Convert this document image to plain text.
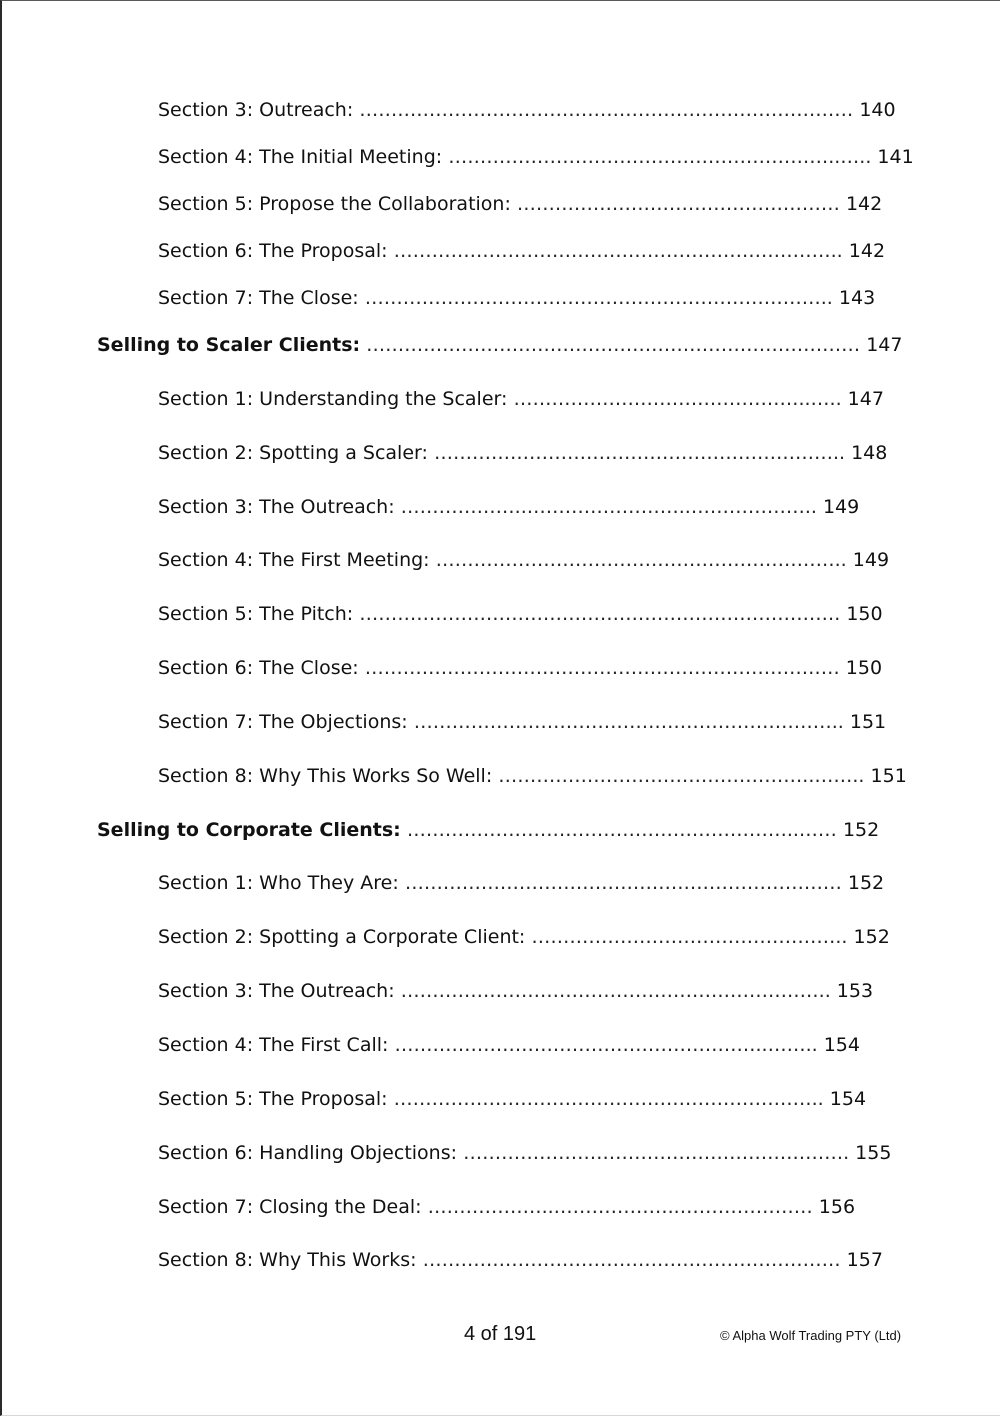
Section 3: Outreach: …………………………………………………………………… 140
Section 4: The Initial Meeting: ……………………………………………………..….. 141
Section 5: Propose the Collaboration: …………………………………………… 142
Section 6: The Proposal: …………………………………………………………….. 142
Section 7: The Close: ……………………………………………………………….. 143
Selling to Scaler Clients: …………………………………………………………………… 147
Section 1: Understanding the Scaler: ………………………………………..….. 147
Section 2: Spotting a Scaler: ……………………………………………………….. 148
Section 3: The Outreach: ………………..……………………..……………….. 149
Section 4: The First Meeting: ……………………………………………………….. 149
Section 5: The Pitch: …………………………………………………………………. 150
Section 6: The Close: ………………………………………………………………… 150
Section 7: The Objections: ………………………………………………………….. 151
Section 8: Why This Works So Well: …………………………………………..…….. 151
Selling to Corporate Clients: ……………………………………………………..…… 152
Section 1: Who They Are: …………………………………………………………… 152
Section 2: Spotting a Corporate Client: ………………………………………….. 152
Section 3: The Outreach: ………………………………………………………….. 153
Section 4: The First Call: …………………………………………………..…….. 154
Section 5: The Proposal: ………………………………………………………….. 154
Section 6: Handling Objections: ……………………………………………………. 155
Section 7: Closing the Deal: ………………..………………..………………… 156
Section 8: Why This Works: ………………………………………………………… 157
4 of 191	© Alpha Wolf Trading PTY (Ltd)
